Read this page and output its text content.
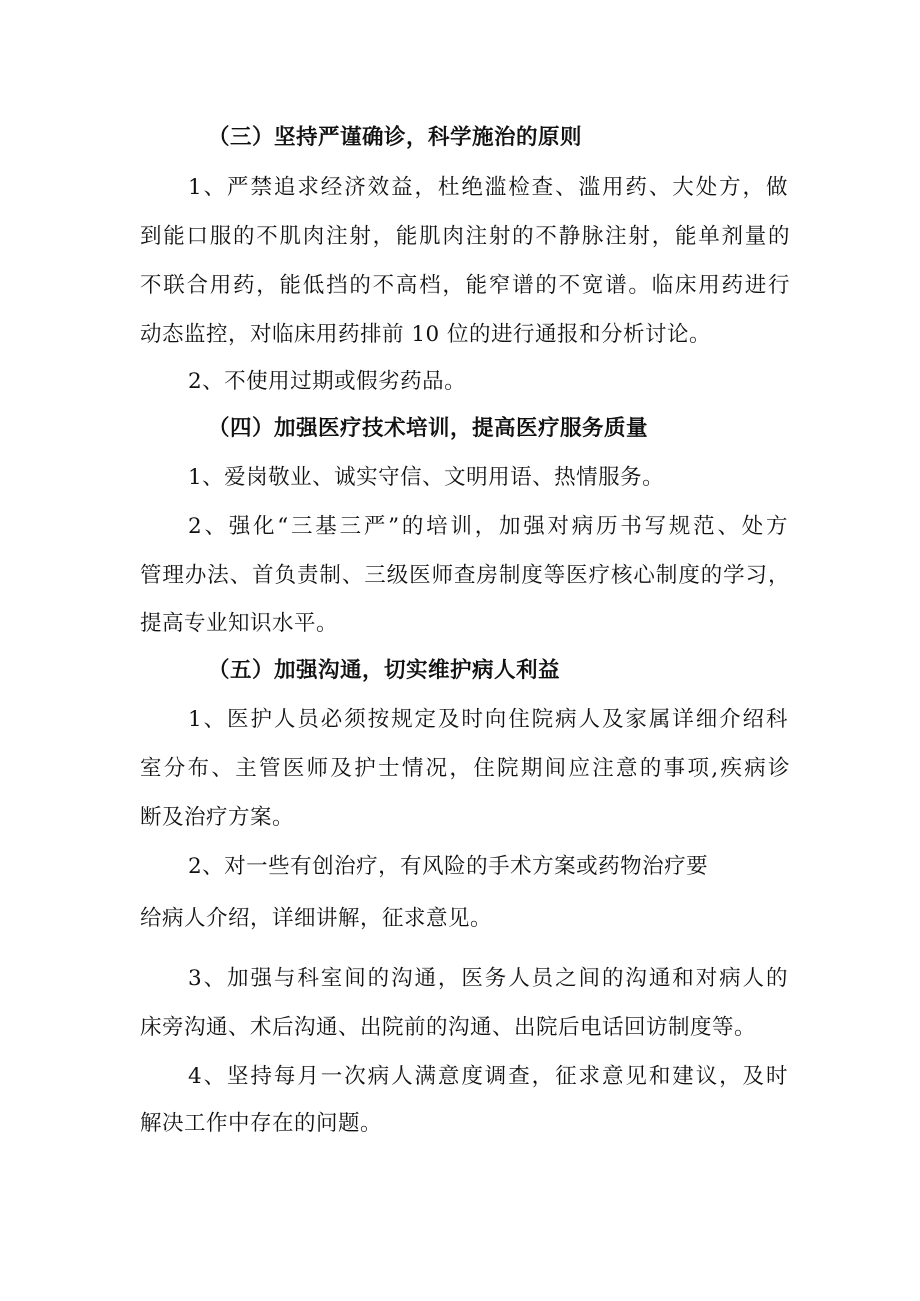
（三）坚持严谨确诊，科学施治的原则
1、严禁追求经济效益，杜绝滥检查、滥用药、大处方，做
到能口服的不肌肉注射，能肌肉注射的不静脉注射，能单剂量的
不联合用药，能低挡的不高档，能窄谱的不宽谱。临床用药进行
动态监控，对临床用药排前 10 位的进行通报和分析讨论。
2、不使用过期或假劣药品。
（四）加强医疗技术培训，提高医疗服务质量
1、爱岗敬业、诚实守信、文明用语、热情服务。
2、强化“三基三严”的培训，加强对病历书写规范、处方
管理办法、首负责制、三级医师查房制度等医疗核心制度的学习，
提高专业知识水平。
（五）加强沟通，切实维护病人利益
1、医护人员必须按规定及时向住院病人及家属详细介绍科
室分布、主管医师及护士情况，住院期间应注意的事项,疾病诊
断及治疗方案。
2、对一些有创治疗，有风险的手术方案或药物治疗要
给病人介绍，详细讲解，征求意见。
3、加强与科室间的沟通，医务人员之间的沟通和对病人的
床旁沟通、术后沟通、出院前的沟通、出院后电话回访制度等。
4、坚持每月一次病人满意度调查，征求意见和建议，及时
解决工作中存在的问题。
